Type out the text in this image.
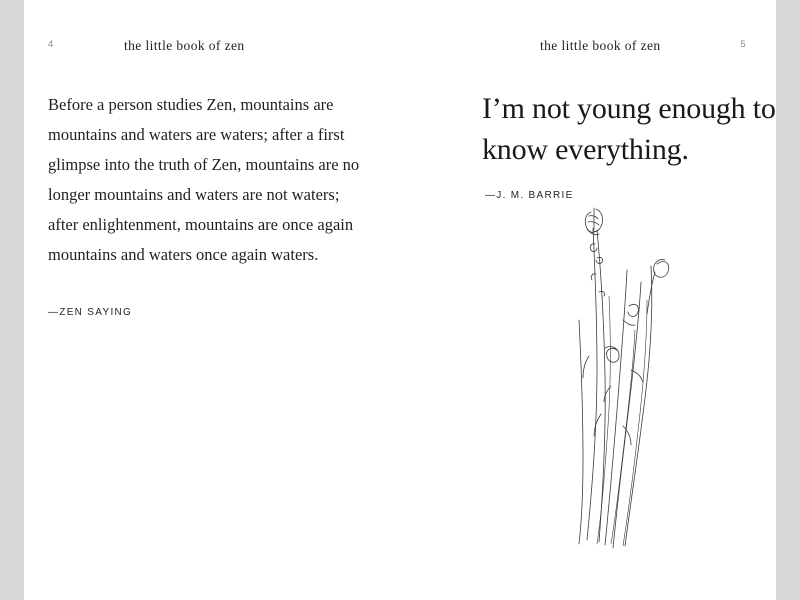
4	the little book of zen
Before a person studies Zen, mountains are mountains and waters are waters; after a first glimpse into the truth of Zen, mountains are no longer mountains and waters are not waters; after enlightenment, mountains are once again mountains and waters once again waters.
—ZEN SAYING
5
the little book of zen
I’m not young enough to know everything.
—J. M. BARRIE
